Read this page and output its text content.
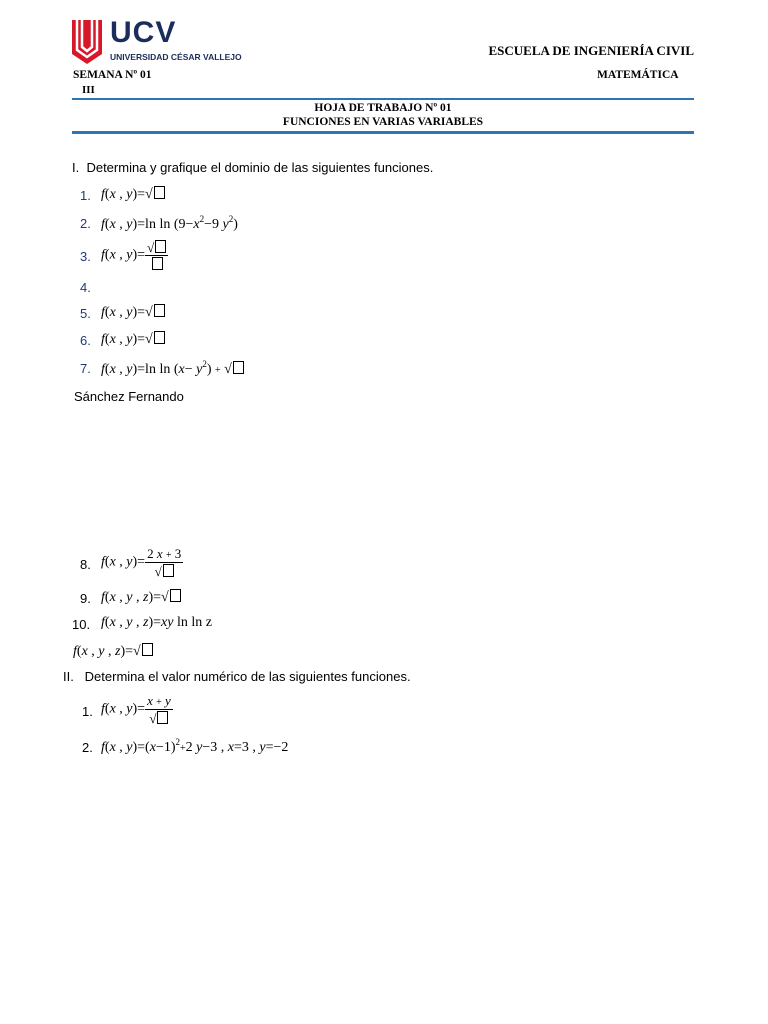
UCV
UNIVERSIDAD CÉSAR VALLEJO	ESCUELA DE INGENIERÍA CIVIL
SEMANA Nº 01	MATEMÁTICA
III
HOJA DE TRABAJO Nº 01
FUNCIONES EN VARIAS VARIABLES
I.  Determina y grafique el dominio de las siguientes funciones.
1. f(x , y)=√
2. f(x , y)=ln $\ln (9-x^2-9$ $y^2$)
3. f(x , y)=
√
4.
5. f(x , y)=√
6. f(x , y)=√
7. f(x , y)=ln $\ln (x- y^2)$ + √
Sánchez Fernando
8. f(x , $y)= \frac{2 x + 3}{√}$
9. f(x , y , z)=√
10. f(x , y , z)=xy ln ln z
f(x , y , z)=√
II.   Determina el valor numérico de las siguientes funciones.
1. f(x , $y)= \frac{x + y}{√}$
2. f(x , $y)=(x-1)^2+2$ y−3 , x=3 , y=−2
